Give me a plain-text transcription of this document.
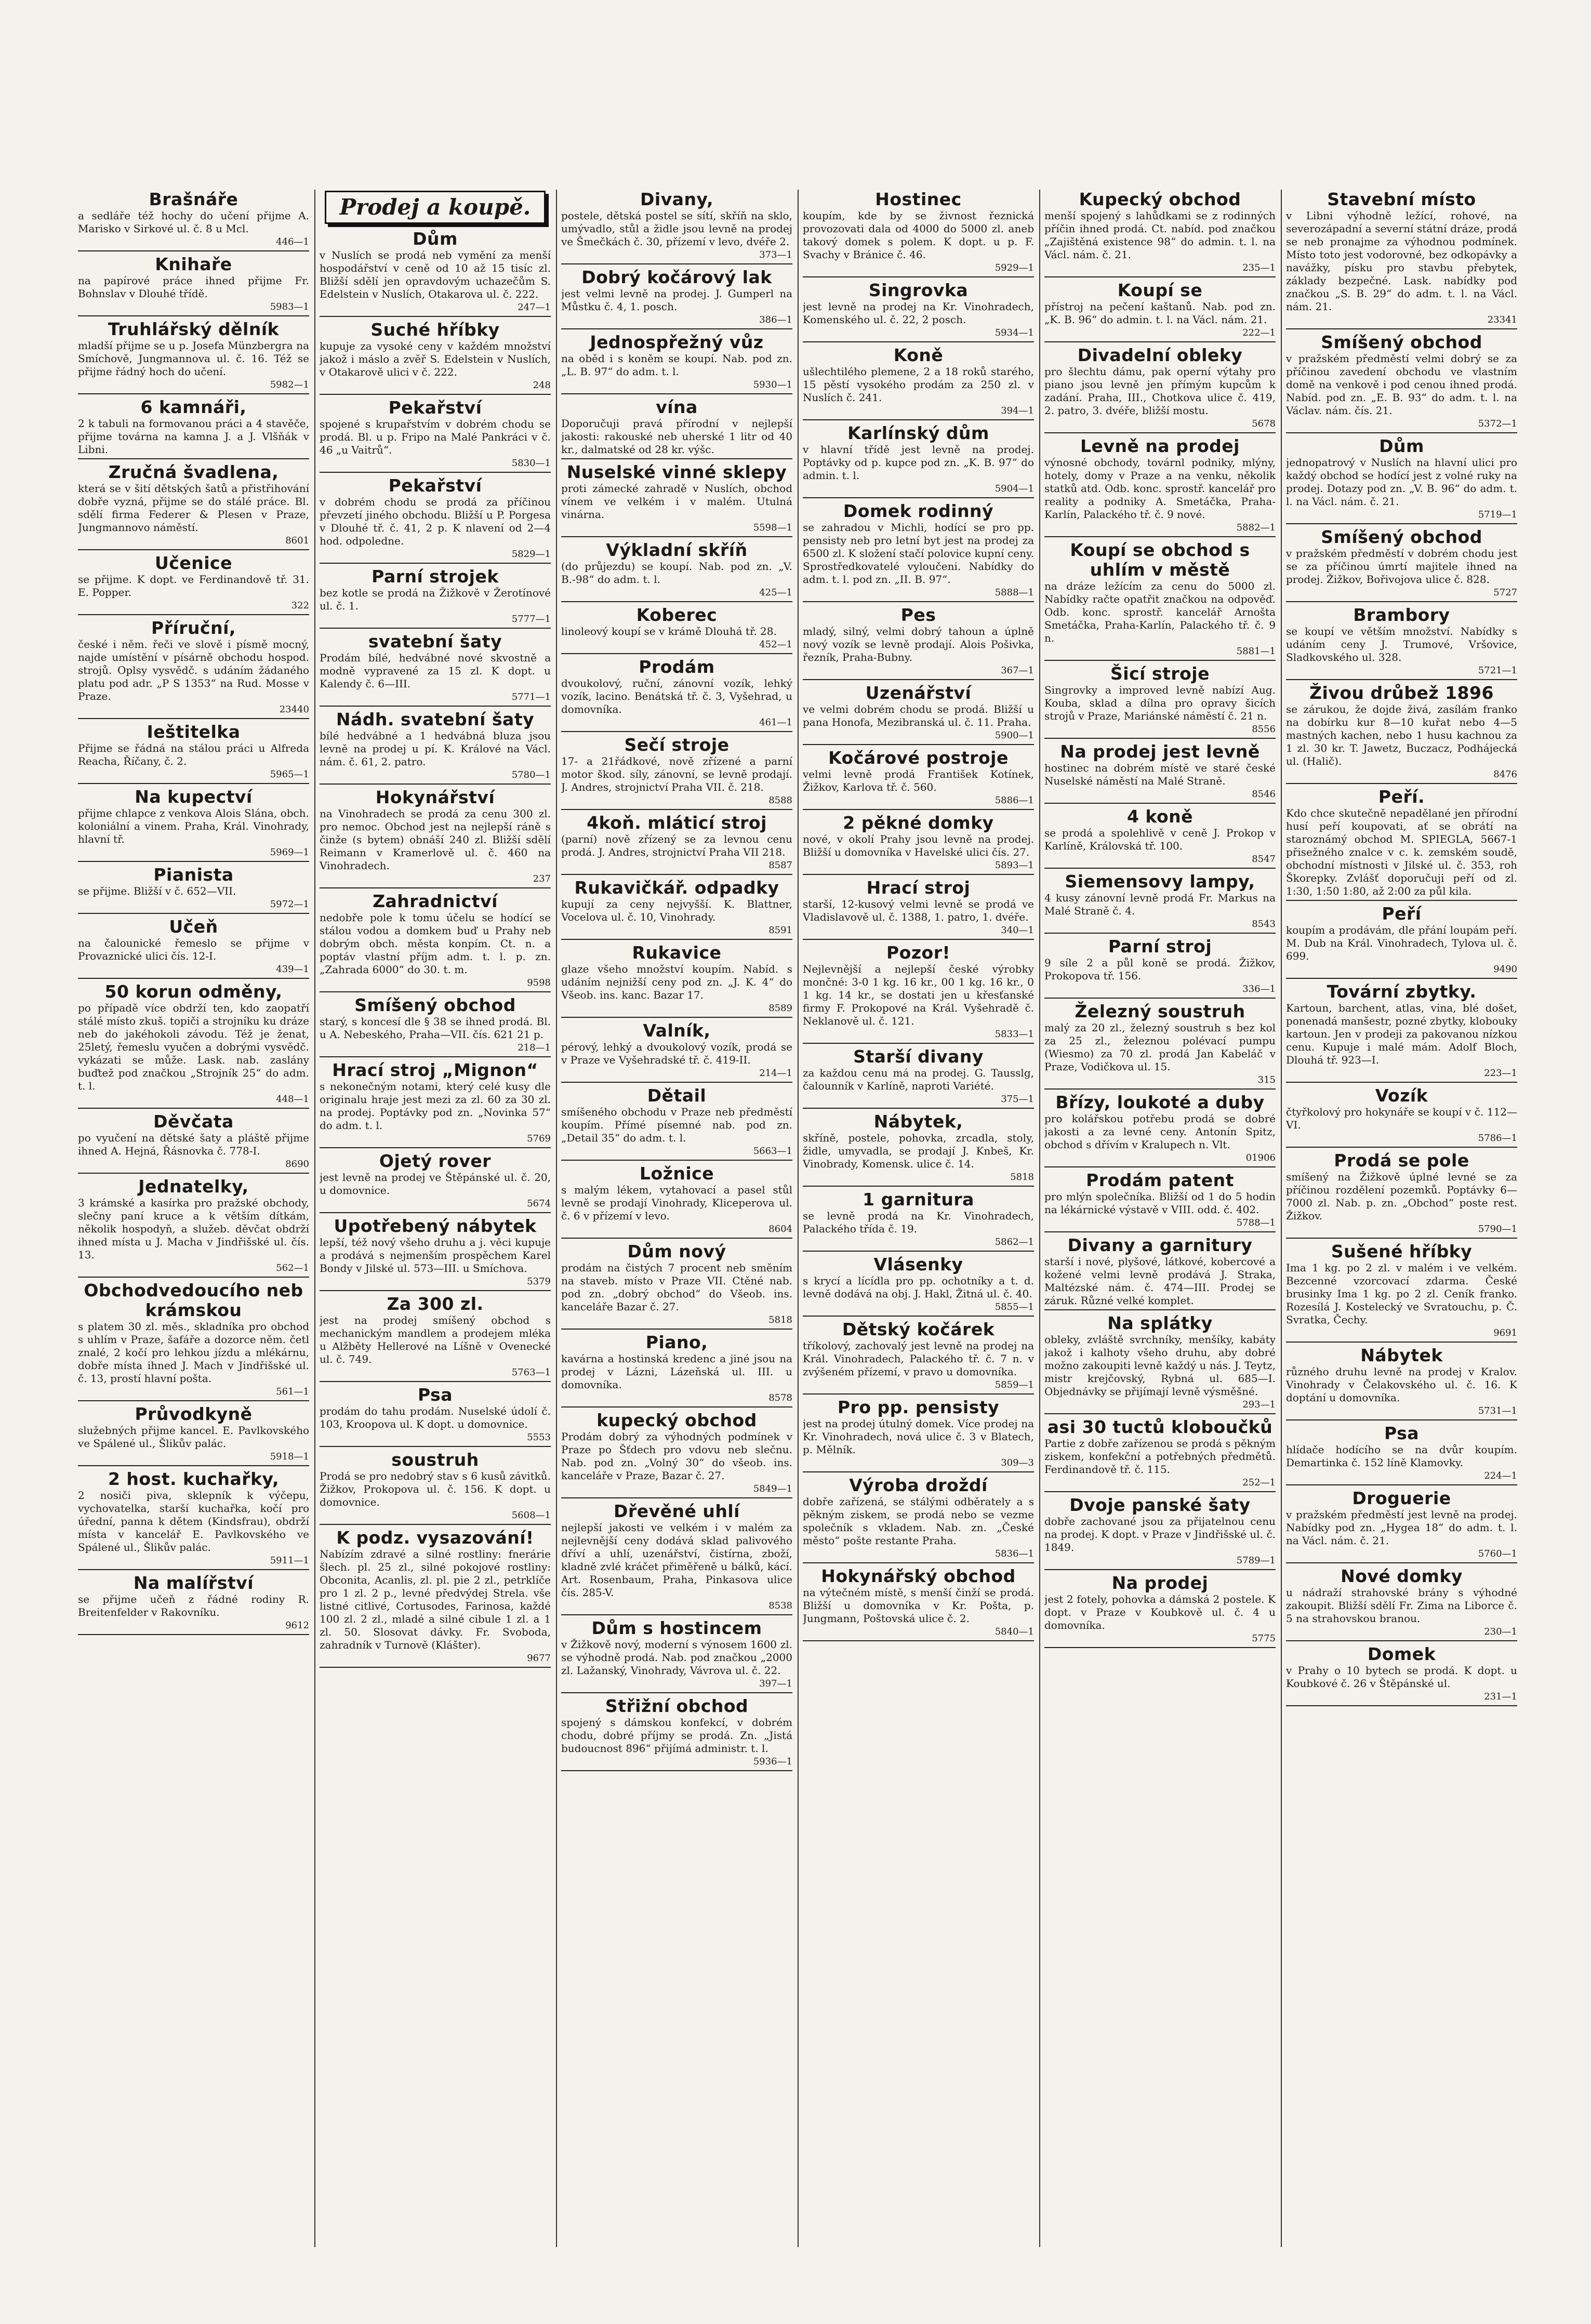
Brašnáře

a sedláře též hochy do učení přijme A. Marisko v Sirkové ul. č. 8 u Mcl.

446—1
Knihaře

na papírové práce ihned přijme Fr. Bohnslav v Dlouhé třídě.

5983—1
Truhlářský dělník

mladší přijme se u p. Josefa Münzbergra na Smíchově, Jungmannova ul. č. 16. Též se přijme řádný hoch do učení.

5982—1
6 kamnáři,

2 k tabuli na formovanou práci a 4 stavěče, přijme továrna na kamna J. a J. Vlšňák v Libni.

Zručná švadlena,

která se v šití dětských šatů a přistřihování dobře vyzná, přijme se do stálé práce. Bl. sdělí firma Federer & Plesen v Praze, Jungmannovo náměstí.

8601
Učenice

se přijme. K dopt. ve Ferdinandově tř. 31. E. Popper.

322
Příruční,

české i něm. řeči ve slově i písmě mocný, najde umístění v písárně obchodu hospod. strojů. Oplsy vysvědč. s udáním žádaného platu pod adr. „P S 1353“ na Rud. Mosse v Praze.

23440
Ieštitelka

Přijme se řádná na stálou práci u Alfreda Reacha, Říčany, č. 2.

5965—1
Na kupectví

přijme chlapce z venkova Alois Slána, obch. koloniální a vinem. Praha, Král. Vinohrady, hlavní tř.

5969—1
Pianista

se přijme. Bližší v č. 652—VII.

5972—1
Učeň

na čalounické řemeslo se přijme v Provaznické ulici čís. 12-I.

439—1
50 korun odměny,

po případě více obdrží ten, kdo zaopatří stálé místo zkuš. topiči a strojníku ku dráze neb do jakéhokoli závodu. Též je ženat, 25letý, řemeslu vyučen a dobrými vysvědč. vykázati se může. Lask. nab. zaslány buďtež pod značkou „Strojník 25“ do adm. t. l.

448—1
Děvčata

po vyučení na dětské šaty a pláště přijme ihned A. Hejná, Řásnovka č. 778-I.

8690
Jednatelky,

3 krámské a kasírka pro pražské obchody, slečny paní kruce a k větším dítkám, několik hospodyň, a služeb. děvčat obdrží ihned místa u J. Macha v Jindřišské ul. čís. 13.

562—1
Obchodvedoucího neb krámskou

s platem 30 zl. měs., skladníka pro obchod s uhlím v Praze, šafáře a dozorce něm. četl znalé, 2 kočí pro lehkou jízdu a mlékárnu, dobře místa ihned J. Mach v Jindřišské ul. č. 13, prostí hlavní pošta.

561—1
Průvodkyně

služebných přijme kancel. E. Pavlkovského ve Spálené ul., Šlikův palác.

5918—1
2 host. kuchařky,

2 nosiči piva, sklepník k výčepu, vychovatelka, starší kuchařka, kočí pro úřední, panna k dětem (Kindsfrau), obdrží místa v kancelář E. Pavlkovského ve Spálené ul., Šlikův palác.

5911—1
Na malířství

se přijme učeň z řádné rodiny R. Breitenfelder v Rakovníku.

9612
Prodej a koupě.
Dům

v Nuslích se prodá neb vymění za menší hospodářství v ceně od 10 až 15 tisíc zl. Bližší sdělí jen opravdovým uchazečům S. Edelstein v Nuslích, Otakarova ul. č. 222.

247—1
Suché hříbky

kupuje za vysoké ceny v každém množství jakož i máslo a zvěř S. Edelstein v Nuslích, v Otakarově ulici v č. 222.

248
Pekařství

spojené s krupařstvím v dobrém chodu se prodá. Bl. u p. Fripo na Malé Pankráci v č. 46 „u Vaitrů“.

5830—1
Pekařství

v dobrém chodu se prodá za příčinou převzetí jiného obchodu. Bližší u P. Porgesa v Dlouhé tř. č. 41, 2 p. K nlavení od 2—4 hod. odpoledne.

5829—1
Parní strojek

bez kotle se prodá na Žižkově v Žerotínové ul. č. 1.

5777—1
svatební šaty

Prodám bílé, hedvábné nové skvostně a modně vypravené za 15 zl. K dopt. u Kalendy č. 6—III.

5771—1
Nádh. svatební šaty

bílé hedvábné a 1 hedvábná bluza jsou levně na prodej u pí. K. Králové na Václ. nám. č. 61, 2. patro.

5780—1
Hokynářství

na Vinohradech se prodá za cenu 300 zl. pro nemoc. Obchod jest na nejlepší ráně s činže (s bytem) obnáší 240 zl. Bližší sdělí Reimann v Kramerlově ul. č. 460 na Vinohradech.

237
Zahradnictví

nedobře pole k tomu účelu se hodící se stálou vodou a domkem buď u Prahy neb dobrým obch. města konpím. Ct. n. a poptáv vlastní příjm adm. t. l. p. zn. „Zahrada 6000“ do 30. t. m.

9598
Smíšený obchod

starý, s koncesí dle § 38 se ihned prodá. Bl. u A. Nebeského, Praha—VII. čís. 621 21 p.

218—1
Hrací stroj „Mignon“

s nekonečným notami, který celé kusy dle originalu hraje jest mezi za zl. 60 za 30 zl. na prodej. Poptávky pod zn. „Novinka 57“ do adm. t. l.

5769
Ojetý rover

jest levně na prodej ve Štěpánské ul. č. 20, u domovnice.

5674
Upotřebený nábytek

lepší, též nový všeho druhu a j. věci kupuje a prodává s nejmenším prospěchem Karel Bondy v Jilské ul. 573—III. u Smíchova.

5379
Za 300 zl.

jest na prodej smíšený obchod s mechanickým mandlem a prodejem mléka u Alžběty Hellerové na Líšně v Ovenecké ul. č. 749.

5763—1
Psa

prodám do tahu prodám. Nuselské údolí č. 103, Kroopova ul. K dopt. u domovnice.

5553
soustruh

Prodá se pro nedobrý stav s 6 kusů závitků. Žižkov, Prokopova ul. č. 156. K dopt. u domovnice.

5608—1
K podz. vysazování!

Nabízím zdravé a silné rostliny: fnerárie šlech. pl. 25 zl., silné pokojové rostliny: Obconita, Acanlis, zl. pl. pie 2 zl., petrklíče pro 1 zl. 2 p., levné předvýdej Strela. vše listné citlivé, Cortusodes, Farinosa, každé 100 zl. 2 zl., mladé a silné cibule 1 zl. a 1 zl. 50. Slosovat dávky. Fr. Svoboda, zahradník v Turnově (Klášter).

9677
Divany,

postele, dětská postel se sítí, skříň na sklo, umývadlo, stůl a židle jsou levně na prodej ve Šmečkách č. 30, přízemí v levo, dvéře 2.

373—1
Dobrý kočárový lak

jest velmi levně na prodej. J. Gumperl na Můstku č. 4, 1. posch.

386—1
Jednospřežný vůz

na oběd i s koněm se koupí. Nab. pod zn. „L. B. 97“ do adm. t. l.

5930—1
vína

Doporučuji pravá přírodní v nejlepší jakosti: rakouské neb uherské 1 litr od 40 kr., dalmatské od 28 kr. výšc.

Nuselské vinné sklepy

proti zámecké zahradě v Nuslích, obchod vínem ve velkém i v malém. Utulná vinárna.

5598—1
Výkladní skříň

(do průjezdu) se koupí. Nab. pod zn. „V. B.-98“ do adm. t. l.

425—1
Koberec

linoleový koupí se v krámě Dlouhá tř. 28.

452—1
Prodám

dvoukolový, ruční, zánovní vozík, lehký vozík, lacino. Benátská tř. č. 3, Vyšehrad, u domovníka.

461—1
Sečí stroje

17- a 21řádkové, nově zřízené a parní motor škod. síly, zánovní, se levně prodají. J. Andres, strojnictví Praha VII. č. 218.

8588
4koň. mláticí stroj

(parní) nově zřízený se za levnou cenu prodá. J. Andres, strojnictví Praha VII 218.

8587
Rukavičkář. odpadky

kupují za ceny nejvyšší. K. Blattner, Vocelova ul. č. 10, Vinohrady.

8591
Rukavice

glaze všeho množství koupím. Nabíd. s udáním nejnižší ceny pod zn. „J. K. 4“ do Všeob. ins. kanc. Bazar 17.

8589
Valník,

pérový, lehký a dvoukolový vozík, prodá se v Praze ve Vyšehradské tř. č. 419-II.

214—1
Dětail

smíšeného obchodu v Praze neb předměstí koupím. Přímé písemné nab. pod zn. „Detail 35“ do adm. t. l.

5663—1
Ložnice

s malým lékem, vytahovací a pasel stůl levně se prodají Vinohrady, Kliceperova ul. č. 6 v přízemí v levo.

8604
Dům nový

prodám na čistých 7 procent neb směním na staveb. místo v Praze VII. Ctěné nab. pod zn. „dobrý obchod“ do Všeob. ins. kanceláře Bazar č. 27.

5818
Piano,

kavárna a hostinská kredenc a jiné jsou na prodej v Lázni, Lázeňská ul. III. u domovníka.

8578
kupecký obchod

Prodám dobrý za výhodných podmínek v Praze po Šťdech pro vdovu neb slečnu. Nab. pod zn. „Volný 30“ do všeob. ins. kanceláře v Praze, Bazar č. 27.

5849—1
Dřevěné uhlí

nejlepší jakosti ve velkém i v malém za nejlevnější ceny dodává sklad palivového dříví a uhlí, uzenářství, čistírna, zboží, kladně zvlé kráčet přiměřeně u bálků, kácí. Art. Rosenbaum, Praha, Pinkasova ulice čís. 285-V.

8538
Dům s hostincem

v Žižkově nový, moderní s výnosem 1600 zl. se výhodně prodá. Nab. pod značkou „2000 zl. Lažanský, Vinohrady, Vávrova ul. č. 22.

397—1
Střižní obchod

spojený s dámskou konfekcí, v dobrém chodu, dobré příjmy se prodá. Zn. „Jistá budoucnost 896“ přijímá administr. t. l.

5936—1
Hostinec

koupím, kde by se živnost řeznická provozovati dala od 4000 do 5000 zl. aneb takový domek s polem. K dopt. u p. F. Svachy v Bránice č. 46.

5929—1
Singrovka

jest levně na prodej na Kr. Vinohradech, Komenského ul. č. 22, 2 posch.

5934—1
Koně

ušlechtilého plemene, 2 a 18 roků starého, 15 pěstí vysokého prodám za 250 zl. v Nuslích č. 241.

394—1
Karlínský dům

v hlavní třídě jest levně na prodej. Poptávky od p. kupce pod zn. „K. B. 97“ do admin. t. l.

5904—1
Domek rodinný

se zahradou v Michli, hodící se pro pp. pensisty neb pro letní byt jest na prodej za 6500 zl. K složení stačí polovice kupní ceny. Sprostředkovatelé vyloučeni. Nabídky do adm. t. l. pod zn. „II. B. 97“.

5888—1
Pes

mladý, silný, velmi dobrý tahoun a úplně nový vozík se levně prodají. Alois Pošivka, řezník, Praha-Bubny.

367—1
Uzenářství

ve velmi dobrém chodu se prodá. Bližší u pana Honofa, Mezibranská ul. č. 11. Praha.

5900—1
Kočárové postroje

velmi levně prodá František Kotínek, Žižkov, Karlova tř. č. 560.

5886—1
2 pěkné domky

nové, v okolí Prahy jsou levně na prodej. Bližší u domovníka v Havelské ulici čís. 27.

5893—1
Hrací stroj

starší, 12-kusový velmi levně se prodá ve Vladislavově ul. č. 1388, 1. patro, 1. dvéře.

340—1
Pozor!

Nejlevnější a nejlepší české výrobky mončné: 3-0 1 kg. 16 kr., 00 1 kg. 16 kr., 0 1 kg. 14 kr., se dostati jen u křesťanské firmy F. Prokopové na Král. Vyšehradě č. Neklanově ul. č. 121.

5833—1
Starší divany

za každou cenu má na prodej. G. Tausslg, čalounník v Karlíně, naproti Variété.

375—1
Nábytek,

skříně, postele, pohovka, zrcadla, stoly, židle, umyvadla, se prodají J. Knbeš, Kr. Vinobrady, Komensk. ulice č. 14.

5818
1 garnitura

se levně prodá na Kr. Vinohradech, Palackého třída č. 19.

5862—1
Vlásenky

s krycí a lícídla pro pp. ochotníky a t. d. levně dodává na obj. J. Hakl, Žitná ul. č. 40.

5855—1
Dětský kočárek

tříkolový, zachovalý jest levně na prodej na Král. Vinohradech, Palackého tř. č. 7 n. v zvýšeném přízemí, v pravo u domovníka.

5859—1
Pro pp. pensisty

jest na prodej útulný domek. Více prodej na Kr. Vinohradech, nová ulice č. 3 v Blatech, p. Mělník.

309—3
Výroba droždí

dobře zařízená, se stálými odběrately a s pěkným ziskem, se prodá nebo se vezme společník s vkladem. Nab. zn. „České město“ pošte restante Praha.

5836—1
Hokynářský obchod

na výtečném místě, s menší činží se prodá. Bližší u domovníka v Kr. Pošta, p. Jungmann, Poštovská ulice č. 2.

5840—1
Kupecký obchod

menší spojený s lahůdkami se z rodinných příčin ihned prodá. Ct. nabíd. pod značkou „Zajištěná existence 98“ do admin. t. l. na Václ. nám. č. 21.

235—1
Koupí se

přístroj na pečení kaštanů. Nab. pod zn. „K. B. 96“ do admin. t. l. na Václ. nám. 21.

222—1
Divadelní obleky

pro šlechtu dámu, pak operní výtahy pro piano jsou levně jen přímým kupcům k zadání. Praha, III., Chotkova ulice č. 419, 2. patro, 3. dvéře, bližší mostu.

5678
Levně na prodej

výnosné obchody, továrnl podniky, mlýny, hotely, domy v Praze a na venku, několik statků atd. Odb. konc. sprostř. kancelář pro reality a podniky A. Smetáčka, Praha-Karlín, Palackého tř. č. 9 nové.

5882—1
Koupí se obchod s uhlím v městě

na dráze ležícím za cenu do 5000 zl. Nabídky račte opatřit značkou na odpověď. Odb. konc. sprostř. kancelář Arnošta Smetáčka, Praha-Karlín, Palackého tř. č. 9 n.

5881—1
Šicí stroje

Singrovky a improved levně nabízí Aug. Kouba, sklad a dílna pro opravy šicích strojů v Praze, Mariánské náměstí č. 21 n.

8556
Na prodej jest levně

hostinec na dobrém místě ve staré české Nuselské náměstí na Malé Straně.

8546
4 koně

se prodá a spolehlivě v ceně J. Prokop v Karlíně, Královská tř. 100.

8547
Siemensovy lampy,

4 kusy zánovní levně prodá Fr. Markus na Malé Straně č. 4.

8543
Parní stroj

9 síle 2 a půl koně se prodá. Žižkov, Prokopova tř. 156.

336—1
Železný soustruh

malý za 20 zl., železný soustruh s bez kol za 25 zl., železnou polévací pumpu (Wiesmo) za 70 zl. prodá Jan Kabeláč v Praze, Vodičkova ul. 15.

315
Břízy, loukoté a duby

pro kolářskou potřebu prodá se dobré jakosti a za levné ceny. Antonín Spitz, obchod s dřívím v Kralupech n. Vlt.

01906
Prodám patent

pro mlýn společníka. Bližší od 1 do 5 hodin na lékárnické výstavě v VIII. odd. č. 402.

5788—1
Divany a garnitury

starší i nové, plyšové, látkové, kobercové a kožené velmi levně prodává J. Straka, Maltézské nám. č. 474—III. Prodej se záruk. Různé velké komplet.

Na splátky

obleky, zvláště svrchníky, menšíky, kabáty jakož i kalhoty všeho druhu, aby dobré možno zakoupiti levně každý u nás. J. Teytz, mistr krejčovský, Rybná ul. 685—I. Objednávky se přijímají levně výsměšné.

293—1
asi 30 tuctů kloboučků

Partie z dobře zařízenou se prodá s pěkným ziskem, konfekční a potřebných předmětů. Ferdinandově tř. č. 115.

252—1
Dvoje panské šaty

dobře zachované jsou za přijatelnou cenu na prodej. K dopt. v Praze v Jindřišské ul. č. 1849.

5789—1
Na prodej

jest 2 fotely, pohovka a dámská 2 postele. K dopt. v Praze v Koubkově ul. č. 4 u domovníka.

5775
Stavební místo

v Libni výhodně ležící, rohové, na severozápadní a severní státní dráze, prodá se neb pronajme za výhodnou podmínek. Místo toto jest vodorovné, bez odkopávky a navážky, písku pro stavbu přebytek, základy bezpečné. Lask. nabídky pod značkou „S. B. 29“ do adm. t. l. na Václ. nám. 21.

23341
Smíšený obchod

v pražském předměstí velmi dobrý se za příčinou zavedení obchodu ve vlastním domě na venkově i pod cenou ihned prodá. Nabíd. pod zn. „E. B. 93“ do adm. t. l. na Václav. nám. čís. 21.

5372—1
Dům

jednopatrový v Nuslích na hlavní ulici pro každý obchod se hodící jest z volné ruky na prodej. Dotazy pod zn. „V. B. 96“ do adm. t. l. na Václ. nám. č. 21.

5719—1
Smíšený obchod

v pražském předměstí v dobrém chodu jest se za příčinou úmrtí majitele ihned na prodej. Žižkov, Bořivojova ulice č. 828.

5727
Brambory

se koupí ve větším množství. Nabídky s udáním ceny J. Trumové, Vršovice, Sladkovského ul. 328.

5721—1
Živou drůbež 1896

se zárukou, že dojde živá, zasílám franko na dobírku kur 8—10 kuřat nebo 4—5 mastných kachen, nebo 1 husu kachnou za 1 zl. 30 kr. T. Jawetz, Buczacz, Podhájecká ul. (Halič).

8476
Peří.

Kdo chce skutečně nepadělané jen přírodní husí peří koupovati, ať se obrátí na staroznámý obchod M. SPIEGLA, 5667-1 přisežného znalce v c. k. zemském soudě, obchodní místnosti v Jilské ul. č. 353, roh Škorepky. Zvlášť doporučuji peří od zl. 1:30, 1:50 1:80, až 2:00 za půl kila.

Peří

koupím a prodávám, dle přání loupám peří. M. Dub na Král. Vinohradech, Tylova ul. č. 699.

9490
Tovární zbytky.

Kartoun, barchent, atlas, vina, blé došet, ponenadá manšestr, pozné zbytky, klobouky kartoun. Jen v prodeji za pakovanou nízkou cenu. Kupuje i malé mám. Adolf Bloch, Dlouhá tř. 923—I.

223—1
Vozík

čtyřkolový pro hokynáře se koupí v č. 112—VI.

5786—1
Prodá se pole

smíšený na Žižkově úplné levné se za příčinou rozdělení pozemků. Poptávky 6—7000 zl. Nab. p. zn. „Obchod“ poste rest. Žižkov.

5790—1
Sušené hříbky

Ima 1 kg. po 2 zl. v malém i ve velkém. Bezcenné vzorcovací zdarma. České brusinky Ima 1 kg. po 2 zl. Ceník franko. Rozesílá J. Kostelecký ve Svratouchu, p. Č. Svratka, Čechy.

9691
Nábytek

různého druhu levně na prodej v Kralov. Vinohrady v Čelakovského ul. č. 16. K doptání u domovníka.

5731—1
Psa

hlídače hodícího se na dvůr koupím. Demartinka č. 152 líně Klamovky.

224—1
Droguerie

v pražském předměstí jest levně na prodej. Nabídky pod zn. „Hygea 18“ do adm. t. l. na Václ. nám. č. 21.

5760—1
Nové domky

u nádraží strahovské brány s výhodné zakoupit. Bližší sdělí Fr. Zima na Liborce č. 5 na strahovskou branou.

230—1
Domek

v Prahy o 10 bytech se prodá. K dopt. u Koubkové č. 26 v Štěpánské ul.

231—1
